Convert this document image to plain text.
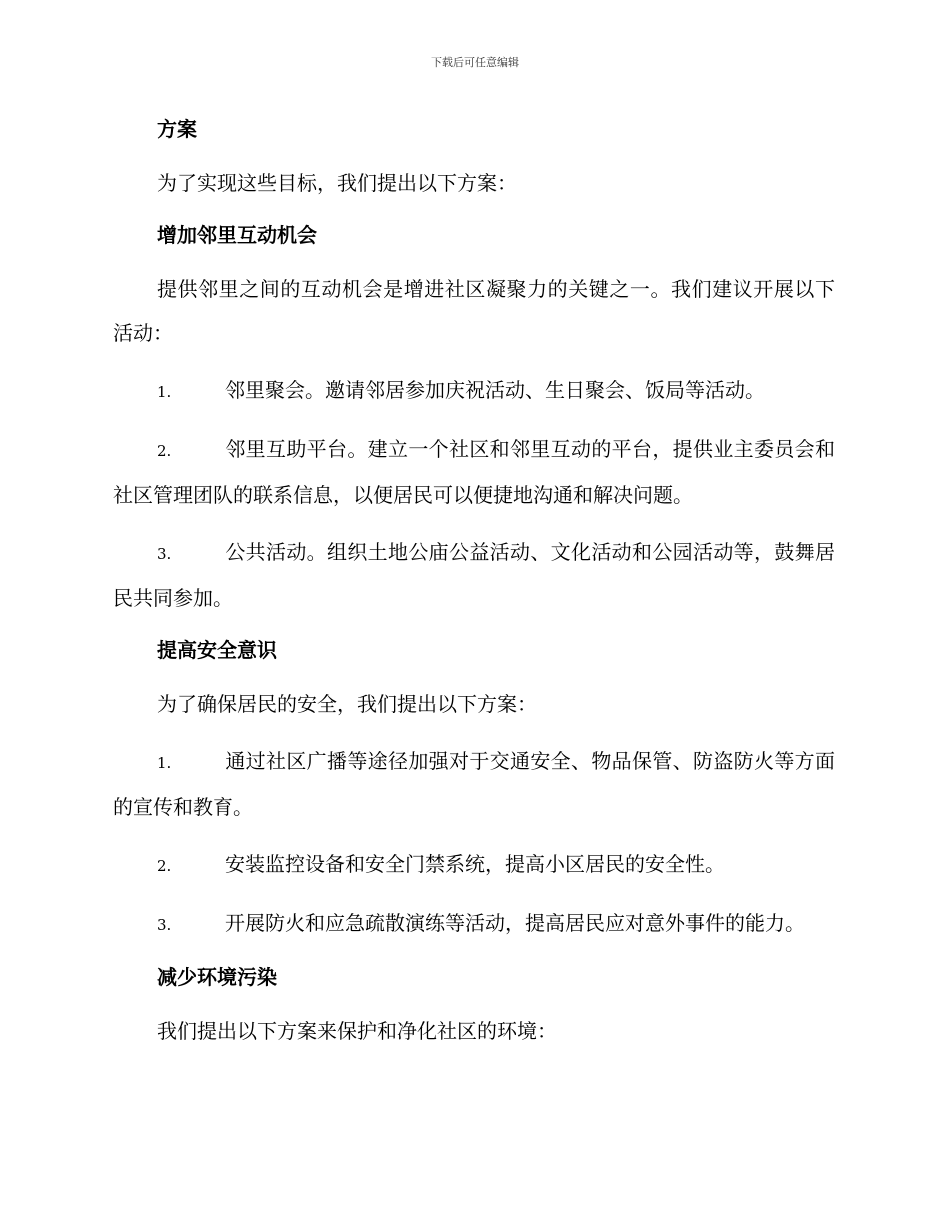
下载后可任意编辑
方案
为了实现这些目标，我们提出以下方案：
增加邻里互动机会
提供邻里之间的互动机会是增进社区凝聚力的关键之一。我们建议开展以下活动：
1.	邻里聚会。邀请邻居参加庆祝活动、生日聚会、饭局等活动。
2.	邻里互助平台。建立一个社区和邻里互动的平台，提供业主委员会和社区管理团队的联系信息，以便居民可以便捷地沟通和解决问题。
3.	公共活动。组织土地公庙公益活动、文化活动和公园活动等，鼓舞居民共同参加。
提高安全意识
为了确保居民的安全，我们提出以下方案：
1.	通过社区广播等途径加强对于交通安全、物品保管、防盗防火等方面的宣传和教育。
2.	安装监控设备和安全门禁系统，提高小区居民的安全性。
3.	开展防火和应急疏散演练等活动，提高居民应对意外事件的能力。
减少环境污染
我们提出以下方案来保护和净化社区的环境：
